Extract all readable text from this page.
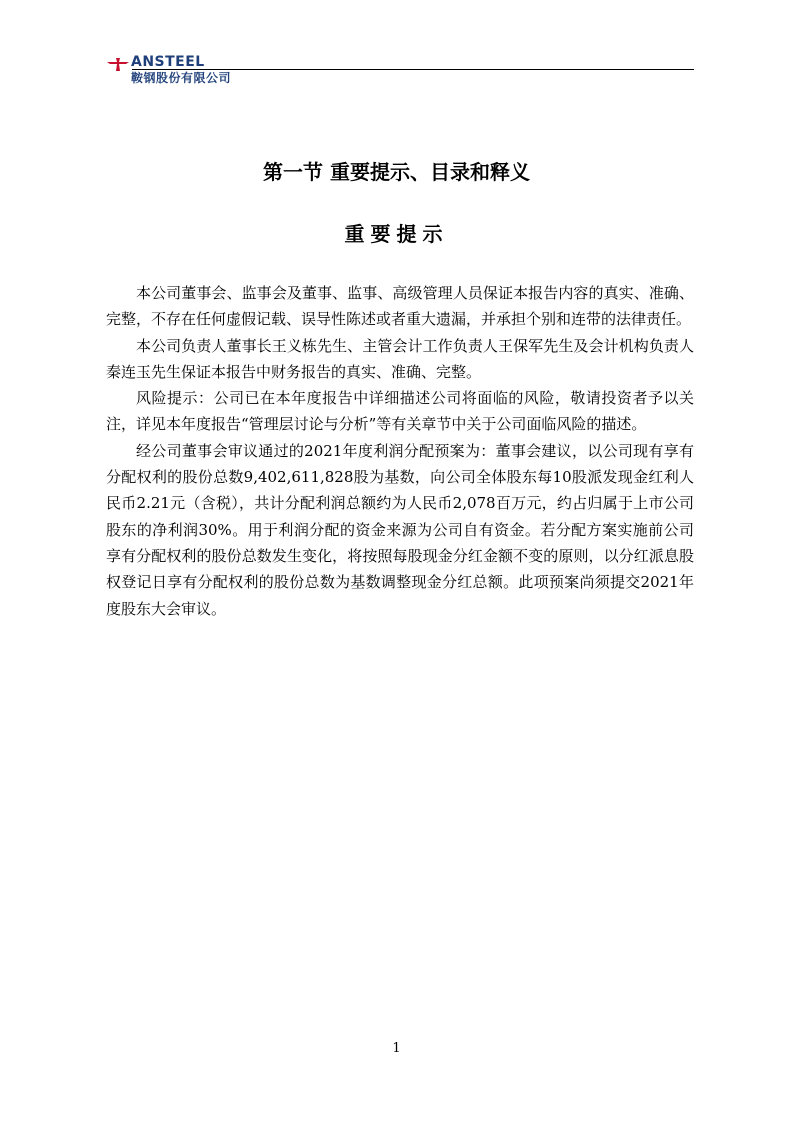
ANSTEEL
鞍钢股份有限公司
第一节 重要提示、目录和释义
重要提示

本公司董事会、监事会及董事、监事、高级管理人员保证本报告内容的真实、准确、完整，不存在任何虚假记载、误导性陈述或者重大遗漏，并承担个别和连带的法律责任。

本公司负责人董事长王义栋先生、主管会计工作负责人王保军先生及会计机构负责人秦连玉先生保证本报告中财务报告的真实、准确、完整。

风险提示：公司已在本年度报告中详细描述公司将面临的风险，敬请投资者予以关注，详见本年度报告“管理层讨论与分析”等有关章节中关于公司面临风险的描述。

经公司董事会审议通过的2021年度利润分配预案为：董事会建议，以公司现有享有分配权利的股份总数9,402,611,828股为基数，向公司全体股东每10股派发现金红利人民币2.21元（含税），共计分配利润总额约为人民币2,078百万元，约占归属于上市公司股东的净利润30%。用于利润分配的资金来源为公司自有资金。若分配方案实施前公司享有分配权利的股份总数发生变化，将按照每股现金分红金额不变的原则，以分红派息股权登记日享有分配权利的股份总数为基数调整现金分红总额。此项预案尚须提交2021年度股东大会审议。

1
